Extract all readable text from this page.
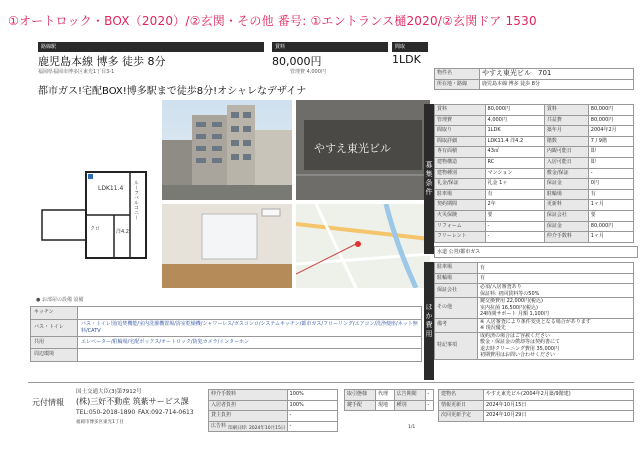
①オートロック・BOX（2020）/②玄関・その他 番号: ①エントランス樋2020/②玄関ドア 1530
路線駅
鹿児島本線 博多 徒歩 8分
福岡県福岡市博多区東光1丁目3-1
賃料
80,000円
管理費 4,000円
間取
1LDK
都市ガス!宅配BOX!博多駅まで徒歩8分!オシャレなデザイナ
やすえ東光ビル
LDK11.4 ルーフバルコニー
クロ	洋4.2
物件名	やすえ東光ビル　701
所在地・路線	鹿児島本線 博多 徒歩 8分
募集条件
賃料	80,000円	賃料	80,000円
管理費	4,000円	共益費	80,000円
間取り	1LDK	築年月	2004年2月
間取詳細	LDK11.4 洋4.2	階数	7 / 9階
専有面積	43㎡	内観可能日	即
建物構造	RC	入居可能日	即
建物種別	マンション	敷金/保証	-
礼金/保証	礼金 1ヶ	保証金	0円
駐車場	有	駐輪場	有
契約期間	2年	更新料	1ヶ月
火災保険	要	保証会社	要
リフォーム	-	保証金	80,000円
フリーレント	-	仲介手数料	1ヶ月
水道 公営/都市ガス
ほか費用
駐車場	有
駐輪場	有
保証会社	必須/入居審査あり
保証料: 初回賃料等の50%
その他	鍵交換費用 22,000円(税込)
室内抗菌 16,500円(税込)
24時間サポート 月額 1,100円
備考	※ 入居審査により条件変更となる場合があります
※ 現況優先
特記事項	成約済の場合はご容赦ください
敷金・保証金の償却等は契約書にて
退去時クリーニング費用 35,000円
初期費用はお問い合わせください
● お部屋の設備 設備
キッチン	
バス・トイレ	バス・トイレ別/追焚機能/室内洗濯機置場/浴室乾燥機/シャワーレス/ガスコンロ/システムキッチン/都市ガス/フローリング/エアコン/洗浄便座/ネット無料/CATV
共用	エレベーター/駐輪場/宅配ボックス/オートロック/防犯カメラ/インターホン
周辺環境	
元付情報
国土交通大臣(3)第7912号
(株)三好不動産 筑紫サービス課
TEL:050-2018-1890 FAX:092-714-0613
福岡市博多区東光1丁目
仲介手数料	100%
入居者負担	100%
貸主負担	-
広告料	-
取引態様	代理	広告期間	-
鍵手配	現地	種別	-
建物名	やすえ東光ビル(2004年2月築/9階建)
情報更新日	2024年10月15日
次回更新予定	2024年10月29日
印刷日時: 2024年10月15日	1/1
